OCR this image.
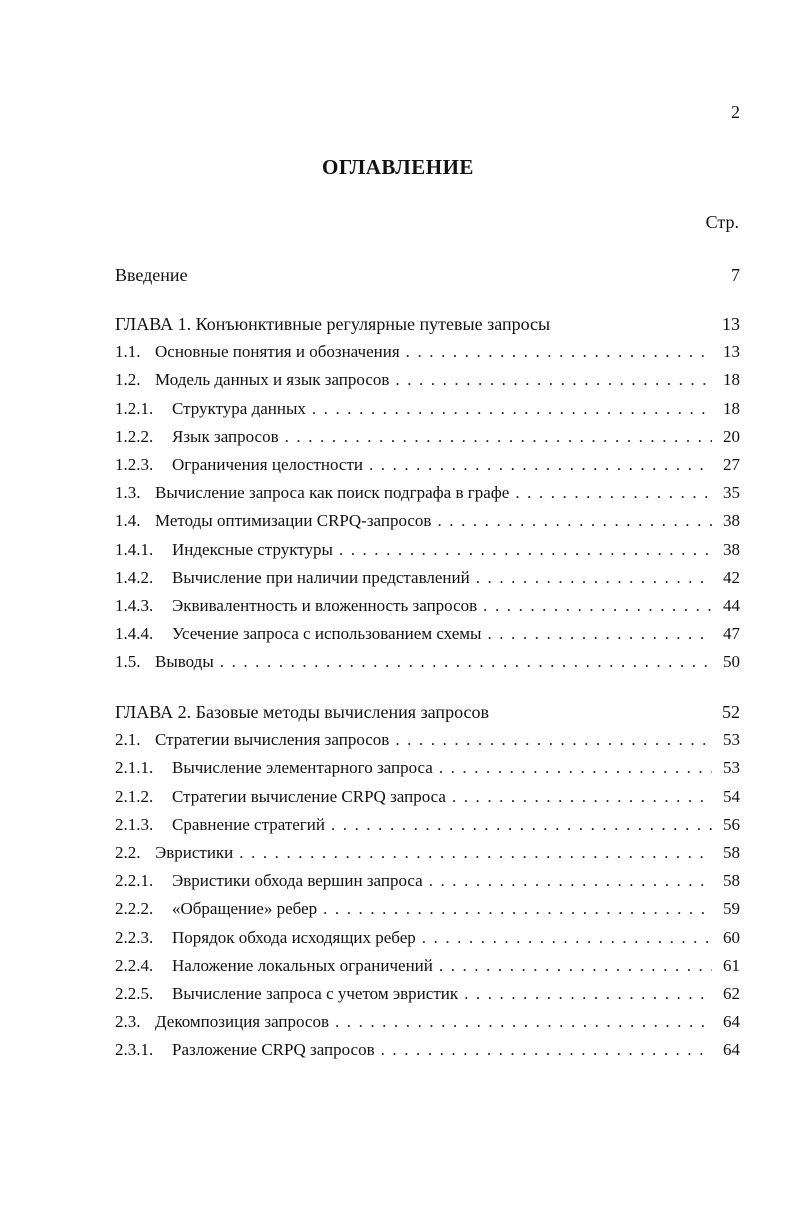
2
ОГЛАВЛЕНИЕ
Стр.
Введение	7
ГЛАВА 1. Конъюнктивные регулярные путевые запросы	13
1.1. Основные понятия и обозначения . . .	13
1.2. Модель данных и язык запросов . . .	18
1.2.1.	Структура данных . . .	18
1.2.2.	Язык запросов . . .	20
1.2.3.	Ограничения целостности . . .	27
1.3. Вычисление запроса как поиск подграфа в графе . . .	35
1.4. Методы оптимизации CRPQ-запросов . . .	38
1.4.1.	Индексные структуры . . .	38
1.4.2.	Вычисление при наличии представлений . . .	42
1.4.3.	Эквивалентность и вложенность запросов . . .	44
1.4.4.	Усечение запроса с использованием схемы . . .	47
1.5. Выводы . . .	50
ГЛАВА 2. Базовые методы вычисления запросов	52
2.1. Стратегии вычисления запросов . . .	53
2.1.1.	Вычисление элементарного запроса . . .	53
2.1.2.	Стратегии вычисление CRPQ запроса . . .	54
2.1.3.	Сравнение стратегий . . .	56
2.2. Эвристики . . .	58
2.2.1.	Эвристики обхода вершин запроса . . .	58
2.2.2.	«Обращение» ребер . . .	59
2.2.3.	Порядок обхода исходящих ребер . . .	60
2.2.4.	Наложение локальных ограничений . . .	61
2.2.5.	Вычисление запроса с учетом эвристик . . .	62
2.3. Декомпозиция запросов . . .	64
2.3.1.	Разложение CRPQ запросов . . .	64
